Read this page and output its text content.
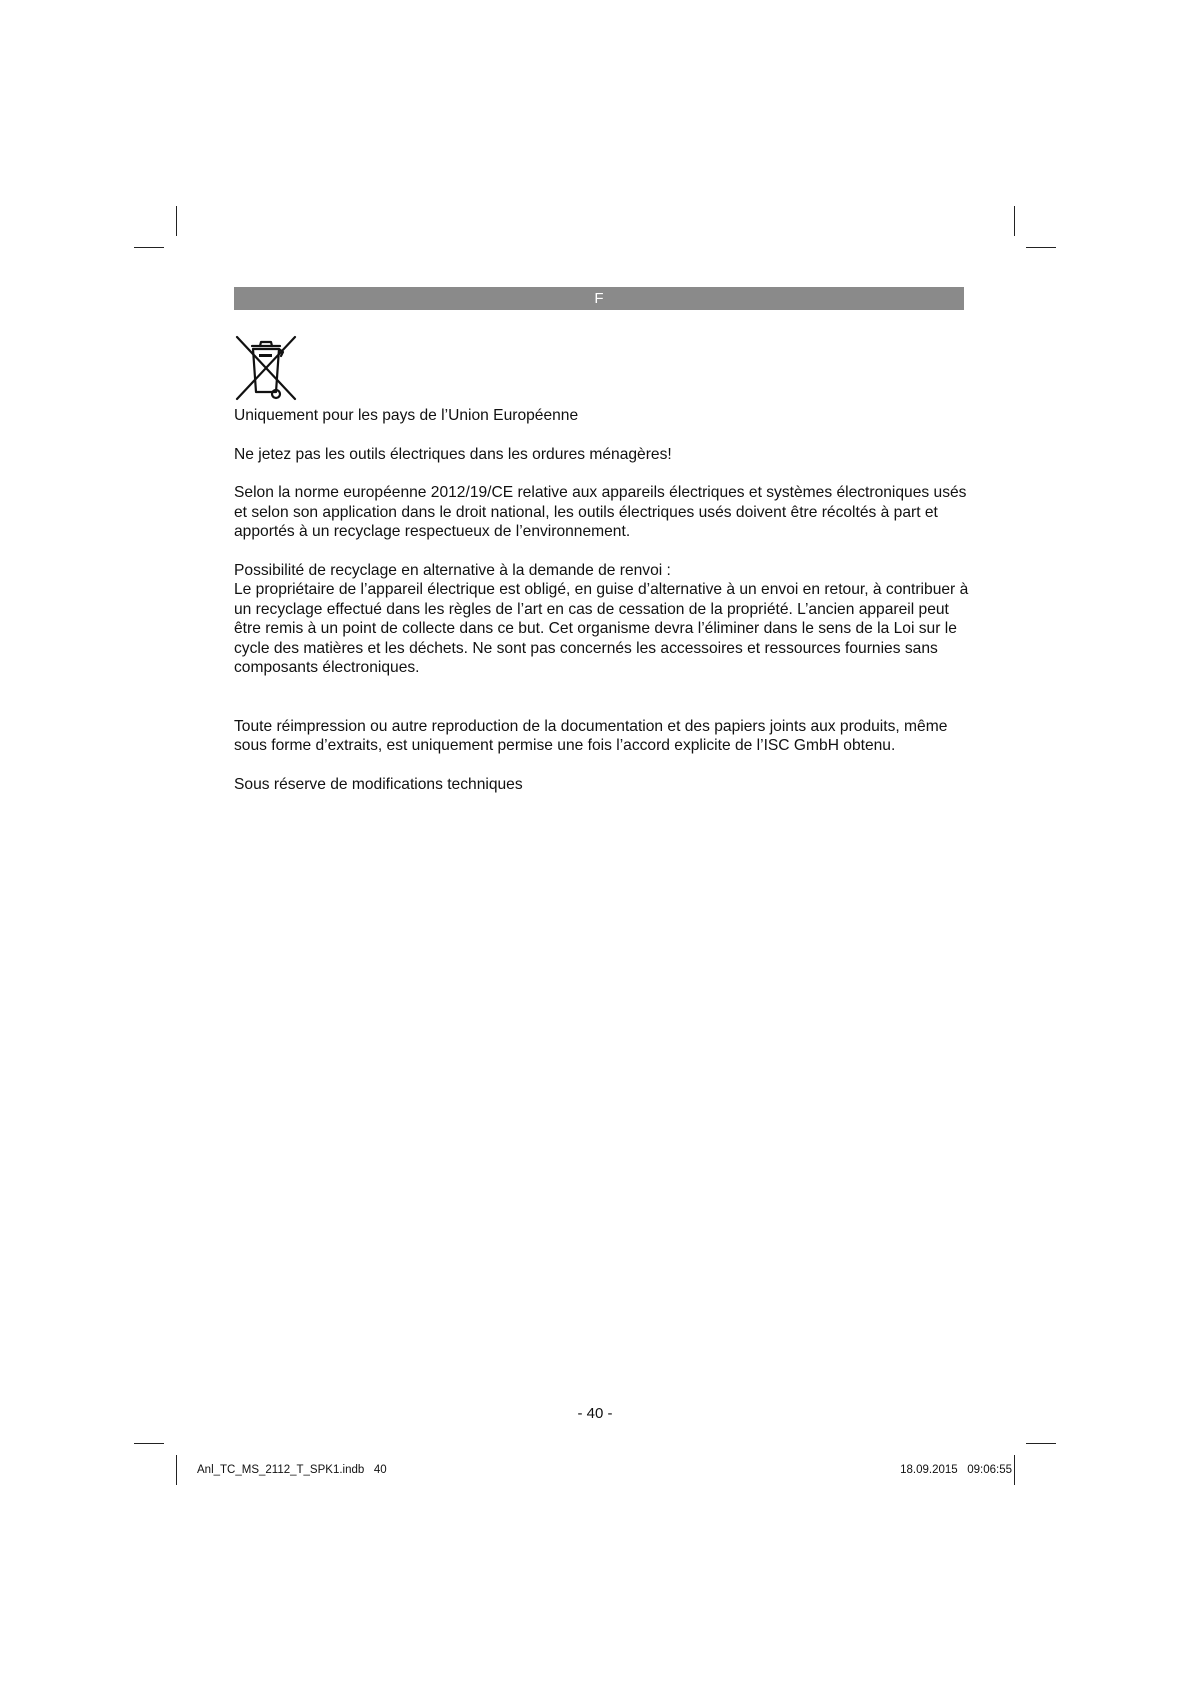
F

Uniquement pour les pays de l’Union Européenne

Ne jetez pas les outils électriques dans les ordures ménagères!

Selon la norme européenne 2012/19/CE relative aux appareils électriques et systèmes électroniques usés et selon son application dans le droit national, les outils électriques usés doivent être récoltés à part et apportés à un recyclage respectueux de l’environnement.

Possibilité de recyclage en alternative à la demande de renvoi :
Le propriétaire de l’appareil électrique est obligé, en guise d’alternative à un envoi en retour, à contribuer à un recyclage effectué dans les règles de l’art en cas de cessation de la propriété. L’ancien appareil peut être remis à un point de collecte dans ce but. Cet organisme devra l’éliminer dans le sens de la Loi sur le cycle des matières et les déchets. Ne sont pas concernés les accessoires et ressources fournies sans composants électroniques.

Toute réimpression ou autre reproduction de la documentation et des papiers joints aux produits, même sous forme d’extraits, est uniquement permise une fois l’accord explicite de l’ISC GmbH obtenu.

Sous réserve de modifications techniques

- 40 -
Anl_TC_MS_2112_T_SPK1.indb   40	18.09.2015   09:06:55
